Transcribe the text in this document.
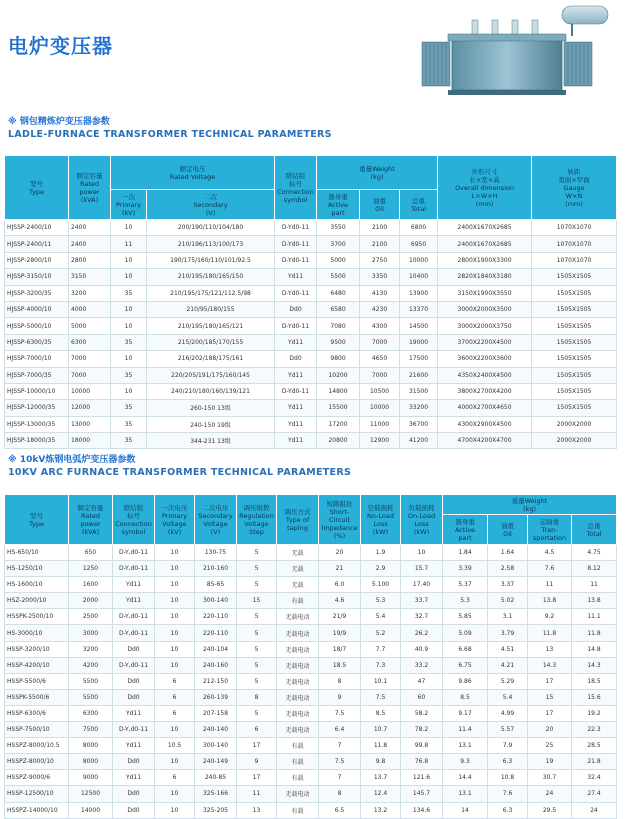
电炉变压器
※ 钢包精炼炉变压器参数
LADLE-FURNACE TRANSFORMER TECHNICAL PARAMETERS
型号
Type	额定容量
Rated
power
(kVA)	额定电压
Rated Voltage		联结组
标号
Connection
symbol	重量Weight
(kg)			外形尺寸
长×宽×高
Overall dimension
L×W×H
(mm)	轨距
宽面×窄面
Gauge
W×N
(mm)
		一次
Primary
(kV)	二次
Secondary
(V)		器身重
Active
part	油重
Oil	总重
Total		
HJSSP-2400/10	2400	10	200/190/110/104/180	D-Yd0-11	3550	2100	6800	2400X1670X2685	1070X1070
HJSSP-2400/11	2400	11	210/196/113/100/173	D-Yd0-11	3700	2100	6950	2400X1670X2685	1070X1070
HJSSP-2800/10	2800	10	190/175/160/110/101/92.5	D-Yd0-11	5000	2750	10000	2800X1900X3300	1070X1070
HJSSP-3150/10	3150	10	210/195/180/165/150	Yd11	5500	3350	10400	2820X1840X3180	1505X1505
HJSSP-3200/35	3200	35	210/195/175/121/112.5/98	D-Yd0-11	6480	4130	13900	3150X1900X3550	1505X1505
HJSSP-4000/10	4000	10	210/95/180/155	Dd0	6580	4230	13370	3000X2000X3500	1505X1505
HJSSP-5000/10	5000	10	210/195/180/165/121	D-Yd0-11	7080	4300	14500	3000X2000X3750	1505X1505
HJSSP-6300/35	6300	35	215/200/185/170/155	Yd11	9500	7000	19000	3700X2200X4500	1505X1505
HJSSP-7000/10	7000	10	216/202/188/175/161	Dd0	9800	4650	17500	3600X2200X3600	1505X1505
HJSSP-7000/35	7000	35	220/205/191/175/160/145	Yd11	10200	7000	21600	4350X2400X4500	1505X1505
HJSSP-10000/10	10000	10	240/210/180/160/139/121	D-Yd0-11	14800	10500	31500	3800X2700X4200	1505X1505
HJSSP-12000/35	12000	35	260-150 13级	Yd11	15500	10000	33200	4000X2700X4650	1505X1505
HJSSP-13000/35	13000	35	240-150 19级	Yd11	17200	11000	36700	4300X2900X4500	2000X2000
HJSSP-18000/35	18000	35	344-231 13级	Yd11	20800	12900	41200	4700X4200X4700	2000X2000
※ 10kV炼钢电弧炉变压器参数
10KV ARC FURNACE TRANSFORMER TECHNICAL PARAMETERS
型号
Type	额定容量
Rated
power
(kVA)	联结组
标号
Connection
symbol	一次电压
Primary
Voltage
(kV)	二次电压
Secondary
Voltage
(V)	调压级数
Regulation
Voltage
Step	调压方式
Type of
taping	短路阻抗
Short-
Circuit
Impedance
(%)	空载损耗
No-Load
Loss
(kW)	负载损耗
On-Load
Loss
(kW)	重量Weight
(kg)			
										器身重
Active
part	油重
Oil	运输重
Tran-
sportation	总重
Total
HS-650/10	650	D-Y,d0-11	10	130-75	5	无载	20	1.9	10	1.84	1.64	4.5	4.75
HS-1250/10	1250	D-Y,d0-11	10	210-160	5	无载	21	2.9	15.7	3.39	2.58	7.6	8.12
HS-1600/10	1600	Yd11	10	85-65	5	无载	6.0	5.100	17.40	5.37	3.37	11	11
HSZ-2000/10	2000	Yd11	10	300-140	15	有载	4.6	5.3	33.7	5.3	5.02	13.8	13.8
HSSPK-2500/10	2500	D-Y,d0-11	10	220-110	5	无载电动	21/9	5.4	32.7	5.85	3.1	9.2	11.1
HS-3000/10	3000	D-Y,d0-11	10	220-110	5	无载电动	19/9	5.2	26.2	5.09	3.79	11.8	11.8
HSSP-3200/10	3200	Dd0	10	240-104	5	无载电动	18/7	7.7	40.9	6.68	4.51	13	14.8
HSSP-4200/10	4200	D-Y,d0-11	10	240-160	5	无载电动	18.5	7.3	33.2	6.75	4.21	14.3	14.3
HSSP-5500/6	5500	Dd0	6	212-150	5	无载电动	8	10.1	47	9.86	5.29	17	18.5
HSSPK-5500/6	5500	Dd0	6	260-139	8	无载电动	9	7.5	60	8.5	5.4	15	15.6
HSSP-6300/6	6300	Yd11	6	207-158	5	无载电动	7.5	8.5	58.2	9.17	4.99	17	19.2
HSSP-7500/10	7500	D-Y,d0-11	10	240-140	6	无载电动	6.4	10.7	78.2	11.4	5.57	20	22.3
HSSPZ-8000/10.5	8000	Yd11	10.5	300-140	17	有载	7	11.8	99.8	13.1	7.9	25	28.5
HSSPZ-8000/10	8000	Dd0	10	240-149	9	有载	7.5	9.8	76.8	9.3	6.3	19	21.8
HSSPZ-9000/6	9000	Yd11	6	240-85	17	有载	7	13.7	121.6	14.4	10.8	30.7	32.4
HSSP-12500/10	12500	Dd0	10	325-166	11	无载电动	8	12.4	145.7	13.1	7.6	24	27.4
HSSPZ-14000/10	14000	Dd0	10	325-205	13	有载	6.5	13.2	134.6	14	6.3	29.5	24
